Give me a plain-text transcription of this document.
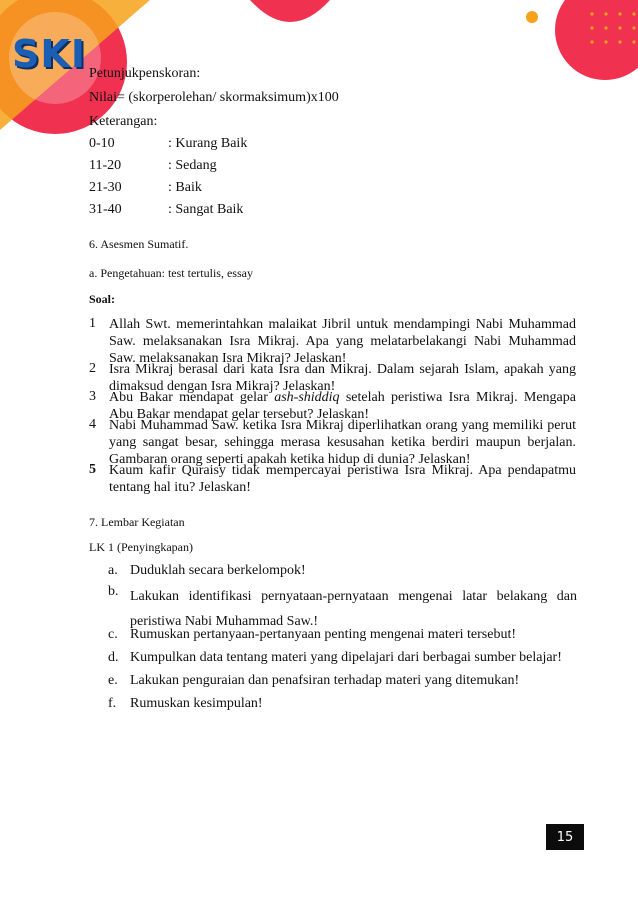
SKI Petunjukpenskoran:
Nilai= (skorperolehan/ skormaksimum)x100
Keterangan:
0-10	: Kurang Baik
11-20	: Sedang
21-30	: Baik
31-40	: Sangat Baik
6. Asesmen Sumatif.
a. Pengetahuan: test tertulis, essay
Soal:
1 Allah Swt. memerintahkan malaikat Jibril untuk mendampingi Nabi Muhammad Saw. melaksanakan Isra Mikraj. Apa yang melatarbelakangi Nabi Muhammad Saw. melaksanakan Isra Mikraj? Jelaskan!
2 Isra Mikraj berasal dari kata Isra dan Mikraj. Dalam sejarah Islam, apakah yang dimaksud dengan Isra Mikraj? Jelaskan!
3 Abu Bakar mendapat gelar ash-shiddiq setelah peristiwa Isra Mikraj. Mengapa Abu Bakar mendapat gelar tersebut? Jelaskan!
4 Nabi Muhammad Saw. ketika Isra Mikraj diperlihatkan orang yang memiliki perut yang sangat besar, sehingga merasa kesusahan ketika berdiri maupun berjalan. Gambaran orang seperti apakah ketika hidup di dunia? Jelaskan!
5 Kaum kafir Quraisy tidak mempercayai peristiwa Isra Mikraj. Apa pendapatmu tentang hal itu? Jelaskan!
7. Lembar Kegiatan
LK 1 (Penyingkapan)
a. Duduklah secara berkelompok!
b. Lakukan identifikasi pernyataan-pernyataan mengenai latar belakang dan peristiwa Nabi Muhammad Saw.!
c. Rumuskan pertanyaan-pertanyaan penting mengenai materi tersebut!
d. Kumpulkan data tentang materi yang dipelajari dari berbagai sumber belajar!
e. Lakukan penguraian dan penafsiran terhadap materi yang ditemukan!
f. Rumuskan kesimpulan!
15
